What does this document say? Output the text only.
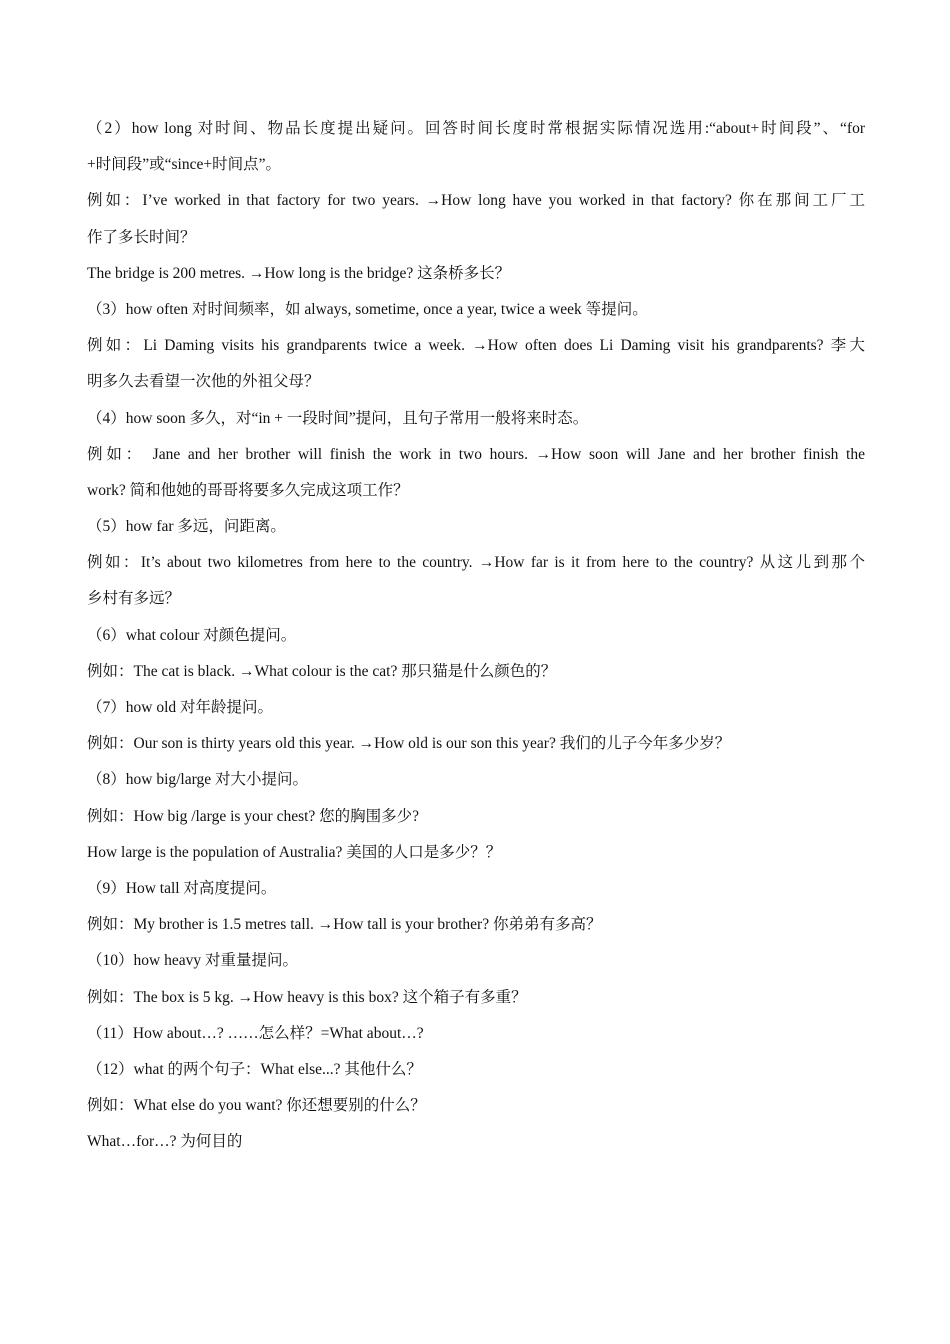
（2）how long 对时间、物品长度提出疑问。回答时间长度时常根据实际情况选用:“about+时间段”、“for
+时间段”或“since+时间点”。
例如：I’ve worked in that factory for two years. →How long have you worked in that factory? 你在那间工厂工
作了多长时间？
The bridge is 200 metres. →How long is the bridge? 这条桥多长？
（3）how often 对时间频率，如 always, sometime, once a year, twice a week 等提问。
例如：Li Daming visits his grandparents twice a week. →How often does Li Daming visit his grandparents? 李大
明多久去看望一次他的外祖父母？
（4）how soon 多久，对“in + 一段时间”提问，且句子常用一般将来时态。
例如： Jane and her brother will finish the work in two hours. →How soon will Jane and her brother finish the
work? 简和他她的哥哥将要多久完成这项工作？
（5）how far 多远，问距离。
例如：It’s about two kilometres from here to the country. →How far is it from here to the country? 从这儿到那个
乡村有多远？
（6）what colour 对颜色提问。
例如：The cat is black. →What colour is the cat? 那只猫是什么颜色的？
（7）how old 对年龄提问。
例如：Our son is thirty years old this year. →How old is our son this year? 我们的儿子今年多少岁？
（8）how big/large 对大小提问。
例如：How big /large is your chest? 您的胸围多少?
How large is the population of Australia? 美国的人口是多少？？
（9）How tall 对高度提问。
例如：My brother is 1.5 metres tall. →How tall is your brother? 你弟弟有多高？
（10）how heavy 对重量提问。
例如：The box is 5 kg. →How heavy is this box? 这个箱子有多重？
（11）How about…? ……怎么样？=What about…?
（12）what 的两个句子：What else...? 其他什么？
例如：What else do you want? 你还想要别的什么？
What…for…? 为何目的
